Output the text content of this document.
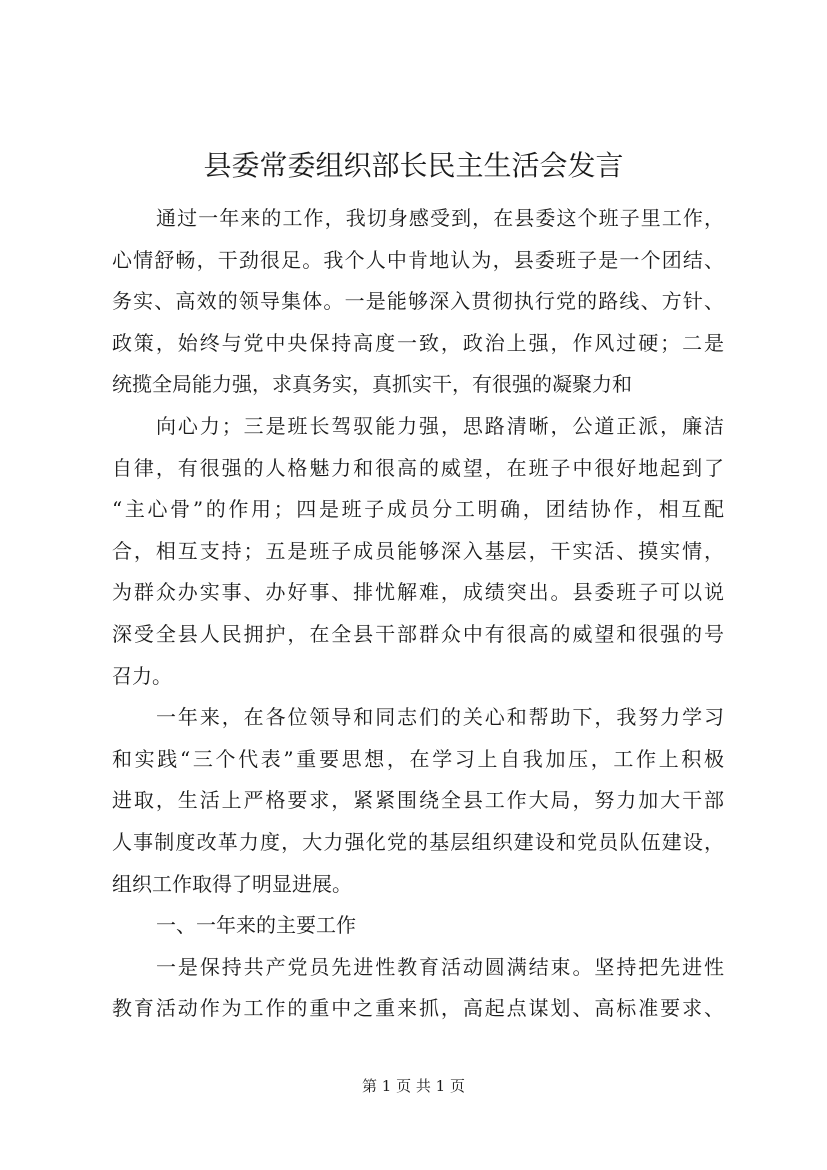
县委常委组织部长民主生活会发言
通过一年来的工作，我切身感受到，在县委这个班子里工作，
心情舒畅，干劲很足。我个人中肯地认为，县委班子是一个团结、
务实、高效的领导集体。一是能够深入贯彻执行党的路线、方针、
政策，始终与党中央保持高度一致，政治上强，作风过硬；二是
统揽全局能力强，求真务实，真抓实干，有很强的凝聚力和
向心力；三是班长驾驭能力强，思路清晰，公道正派，廉洁
自律，有很强的人格魅力和很高的威望，在班子中很好地起到了
“主心骨”的作用；四是班子成员分工明确，团结协作，相互配
合，相互支持；五是班子成员能够深入基层，干实活、摸实情，
为群众办实事、办好事、排忧解难，成绩突出。县委班子可以说
深受全县人民拥护，在全县干部群众中有很高的威望和很强的号
召力。
一年来，在各位领导和同志们的关心和帮助下，我努力学习
和实践“三个代表”重要思想，在学习上自我加压，工作上积极
进取，生活上严格要求，紧紧围绕全县工作大局，努力加大干部
人事制度改革力度，大力强化党的基层组织建设和党员队伍建设，
组织工作取得了明显进展。
一、一年来的主要工作
一是保持共产党员先进性教育活动圆满结束。坚持把先进性
教育活动作为工作的重中之重来抓，高起点谋划、高标准要求、
第 1 页 共 1 页
